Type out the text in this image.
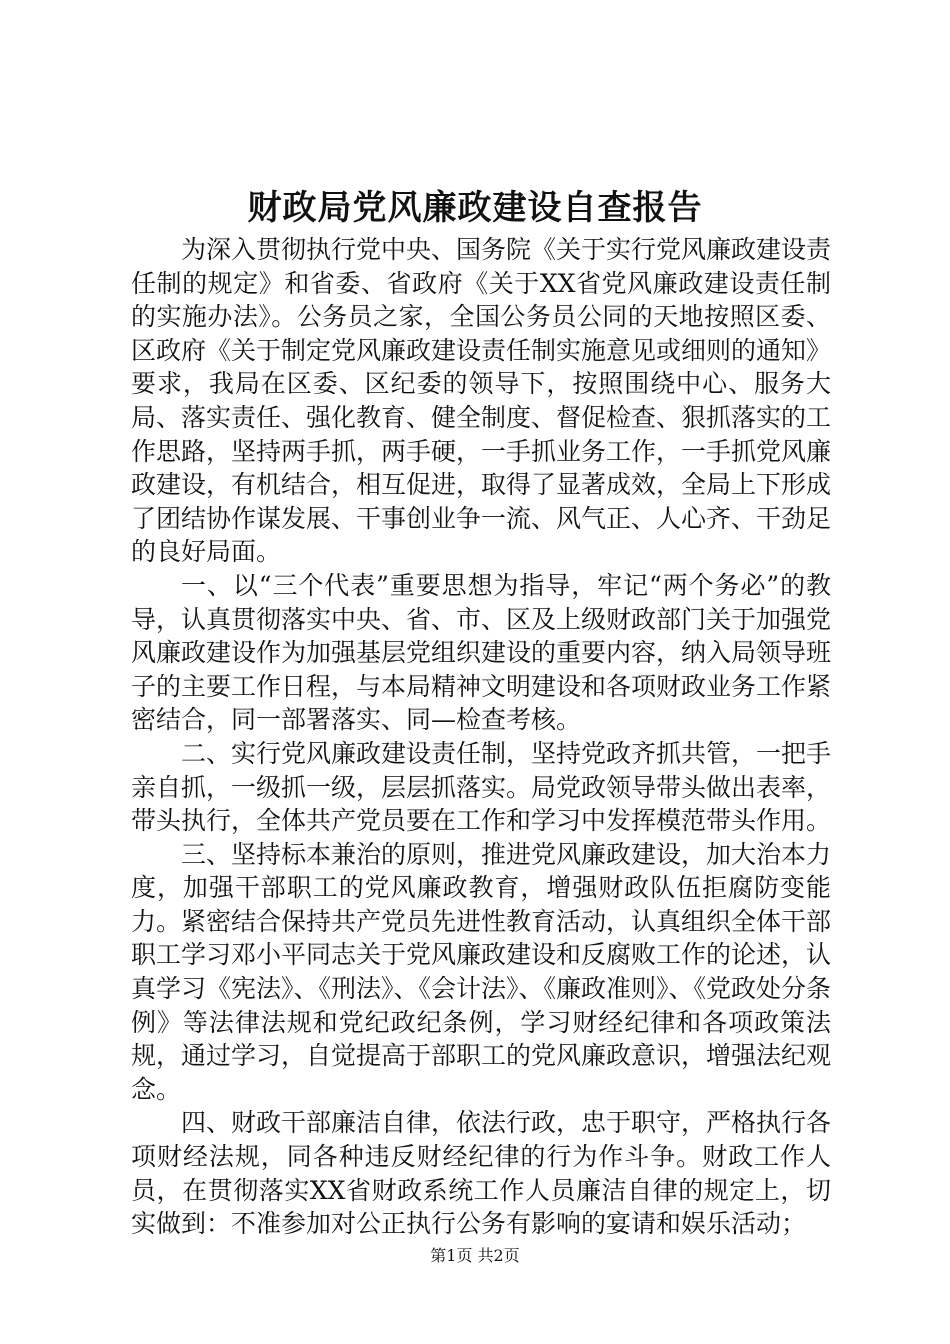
财政局党风廉政建设自查报告

为深入贯彻执行党中央、国务院《关于实行党风廉政建设责任制的规定》和省委、省政府《关于XX省党风廉政建设责任制的实施办法》。公务员之家，全国公务员公同的天地按照区委、区政府《关于制定党风廉政建设责任制实施意见或细则的通知》要求，我局在区委、区纪委的领导下，按照围绕中心、服务大局、落实责任、强化教育、健全制度、督促检查、狠抓落实的工作思路，坚持两手抓，两手硬，一手抓业务工作，一手抓党风廉政建设，有机结合，相互促进，取得了显著成效，全局上下形成了团结协作谋发展、干事创业争一流、风气正、人心齐、干劲足的良好局面。

一、以“三个代表”重要思想为指导，牢记“两个务必”的教导，认真贯彻落实中央、省、市、区及上级财政部门关于加强党风廉政建设作为加强基层党组织建设的重要内容，纳入局领导班子的主要工作日程，与本局精神文明建设和各项财政业务工作紧密结合，同一部署落实、同—检查考核。

二、实行党风廉政建设责任制，坚持党政齐抓共管，一把手亲自抓，一级抓一级，层层抓落实。局党政领导带头做出表率，带头执行，全体共产党员要在工作和学习中发挥模范带头作用。

三、坚持标本兼治的原则，推进党风廉政建设，加大治本力度，加强干部职工的党风廉政教育，增强财政队伍拒腐防变能力。紧密结合保持共产党员先进性教育活动，认真组织全体干部职工学习邓小平同志关于党风廉政建设和反腐败工作的论述，认真学习《宪法》、《刑法》、《会计法》、《廉政准则》、《党政处分条例》等法律法规和党纪政纪条例，学习财经纪律和各项政策法规，通过学习，自觉提高于部职工的党风廉政意识，增强法纪观念。

四、财政干部廉洁自律，依法行政，忠于职守，严格执行各项财经法规，同各种违反财经纪律的行为作斗争。财政工作人员，在贯彻落实XX省财政系统工作人员廉洁自律的规定上，切实做到：不准参加对公正执行公务有影响的宴请和娱乐活动；

第1页 共2页
